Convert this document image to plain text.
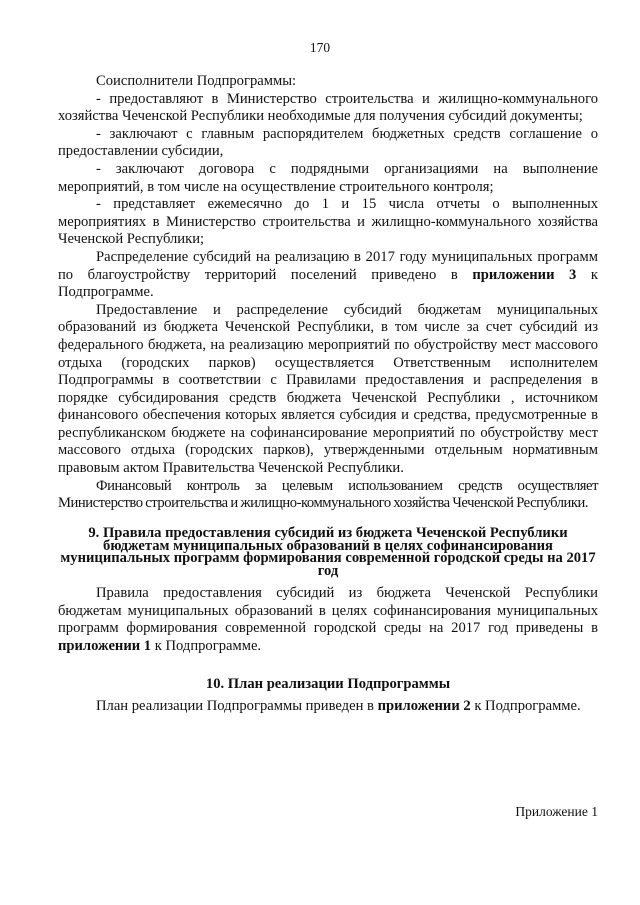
170

Соисполнители Подпрограммы:

- предоставляют в Министерство строительства и жилищно-коммунального хозяйства Чеченской Республики необходимые для получения субсидий документы;

- заключают с главным распорядителем бюджетных средств соглашение о предоставлении субсидии,

- заключают договора с подрядными организациями на выполнение мероприятий, в том числе на осуществление строительного контроля;

- представляет ежемесячно до 1 и 15 числа отчеты о выполненных мероприятиях в Министерство строительства и жилищно-коммунального хозяйства Чеченской Республики;

Распределение субсидий на реализацию в 2017 году муниципальных программ по благоустройству территорий поселений приведено в приложении 3 к Подпрограмме.

Предоставление и распределение субсидий бюджетам муниципальных образований из бюджета Чеченской Республики, в том числе за счет субсидий из федерального бюджета, на реализацию мероприятий по обустройству мест массового отдыха (городских парков) осуществляется Ответственным исполнителем Подпрограммы в соответствии с Правилами предоставления и распределения в порядке субсидирования средств бюджета Чеченской Республики , источником финансового обеспечения которых является субсидия и средства, предусмотренные в республиканском бюджете на софинансирование мероприятий по обустройству мест массового отдыха (городских парков), утвержденными отдельным нормативным правовым актом Правительства Чеченской Республики.

Финансовый контроль за целевым использованием средств осуществляет Министерство строительства и жилищно-коммунального хозяйства Чеченской Республики.

9. Правила предоставления субсидий из бюджета Чеченской Республики бюджетам муниципальных образований в целях софинансирования муниципальных программ формирования современной городской среды на 2017 год

Правила предоставления субсидий из бюджета Чеченской Республики бюджетам муниципальных образований в целях софинансирования муниципальных программ формирования современной городской среды на 2017 год приведены в приложении 1 к Подпрограмме.

10. План реализации Подпрограммы

План реализации Подпрограммы приведен в приложении 2 к Подпрограмме.

Приложение 1
